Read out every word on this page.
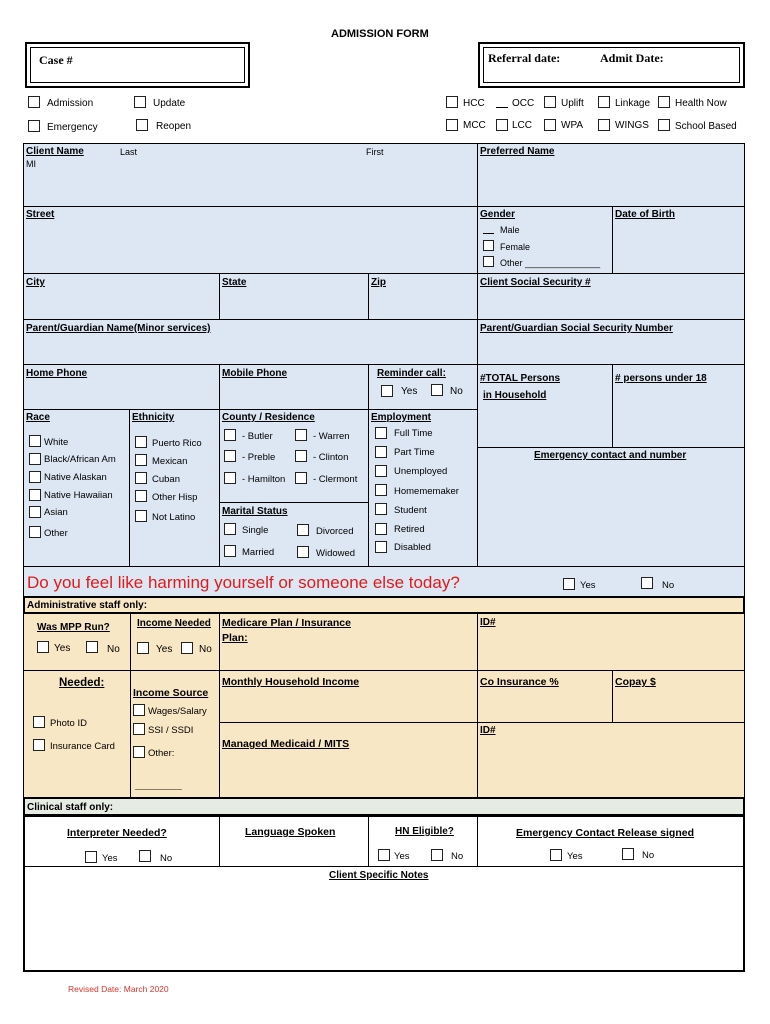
ADMISSION FORM
Case #	Referral date:	Admit Date:
Admission	Update
Emergency	Reopen
HCC	OCC	Uplift	Linkage Health Now
MCC	LCC	WPA	WINGS	School Based
Client Name	Last	First
MI
Preferred Name
Street	Gender
Male
Female
Other _______________
Date of Birth
City	State	Zip	Client Social Security #
Parent/Guardian Name(Minor services)	Parent/Guardian Social Security Number
Home Phone	Mobile Phone	Reminder call:
Yes	No
#TOTAL Persons
in Household
# persons under 18
Race
White
Black/African Am
Native Alaskan
Native Hawaiian
Asian
Other
Ethnicity
Puerto Rico
Mexican
Cuban
Other Hisp
Not Latino
County / Residence
- Butler	- Warren
- Preble	- Clinton
- Hamilton	- Clermont
Marital Status
Single	Divorced
Married	Widowed
Employment
Full Time
Part Time
Unemployed
Homememaker
Student
Retired
Disabled
Emergency contact and number
Do you feel like harming yourself or someone else today?	Yes	No
Administrative staff only:
Was MPP Run?
Yes	No
Income Needed
Yes	No
Medicare Plan / Insurance
Plan:
ID#
Needed:
Photo ID
Insurance Card
Income Source
Wages/Salary
SSI / SSDI
Other:
____________
Monthly Household Income	Co Insurance %	Copay $
Managed Medicaid / MITS
ID#
Clinical staff only:
Interpreter Needed?
Yes	No
Language Spoken	HN Eligible?
Yes	No
Emergency Contact Release signed
Yes	No
Client Specific Notes
Revised Date: March 2020
